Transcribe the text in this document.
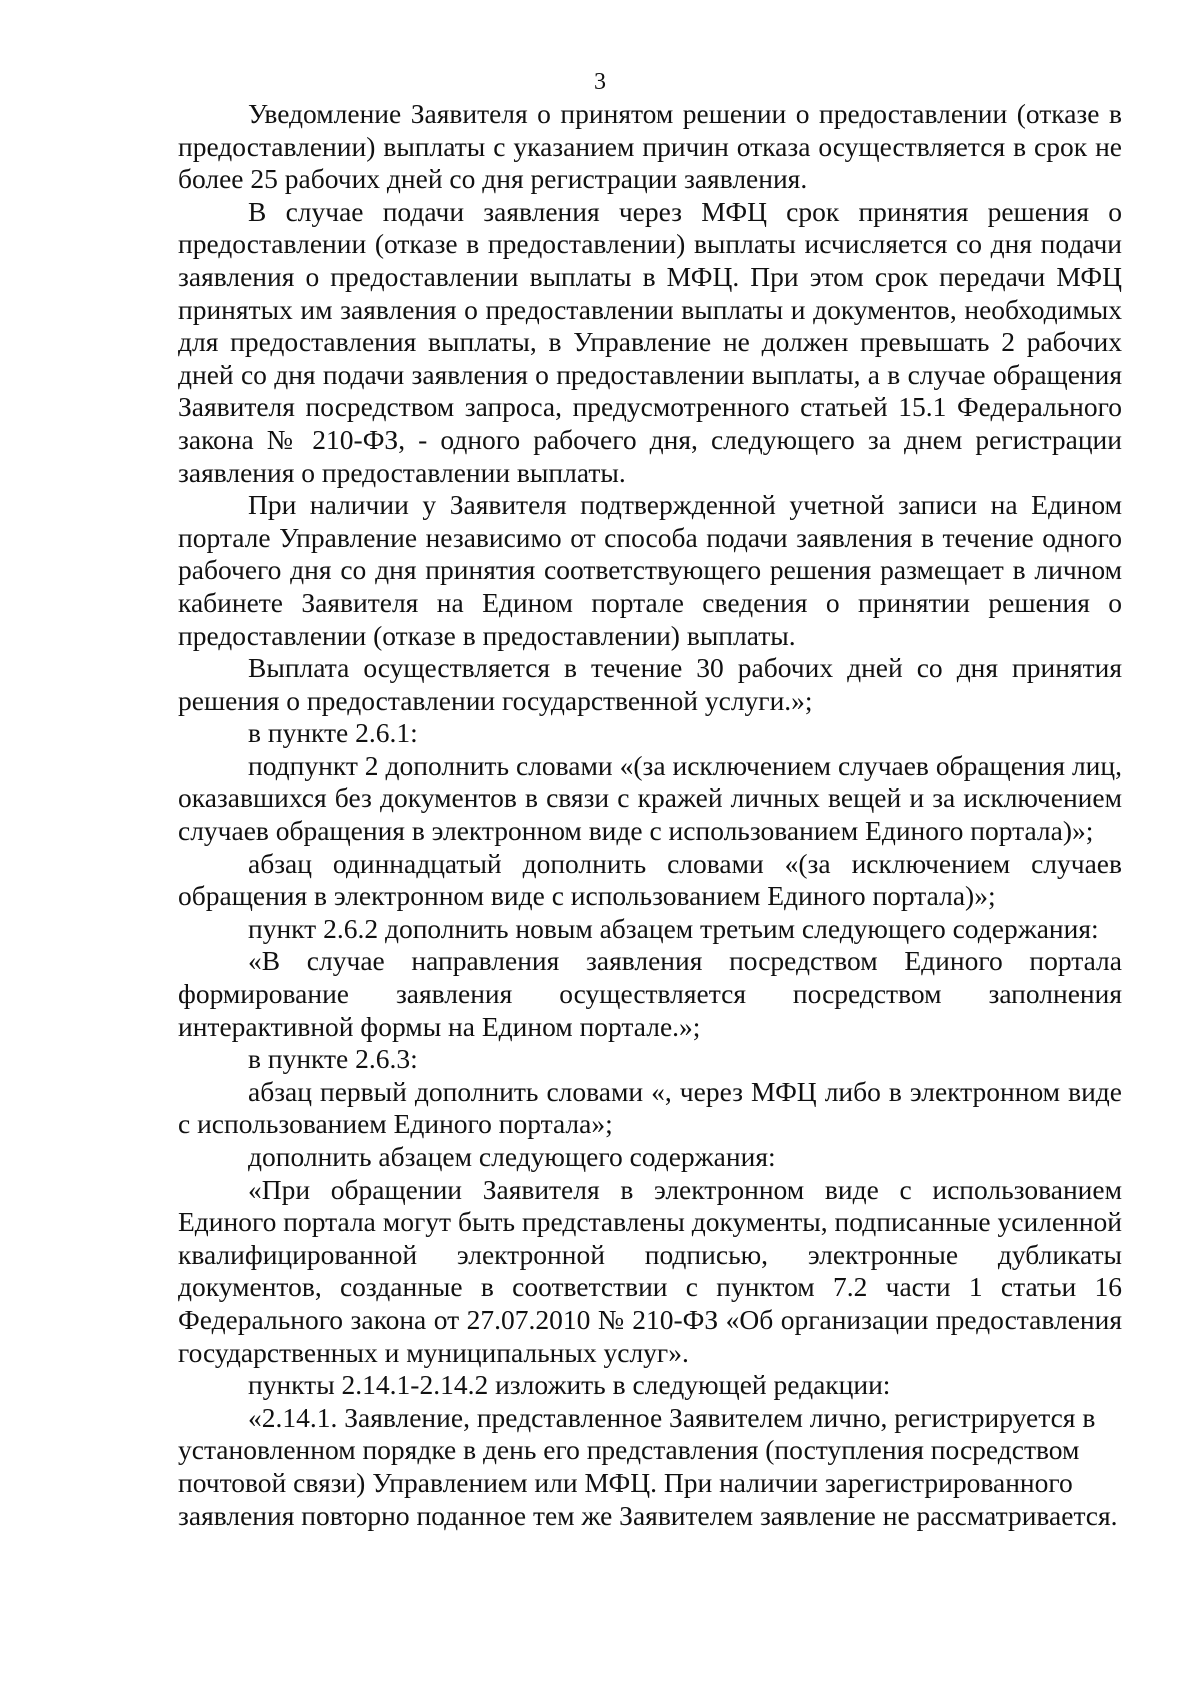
3

Уведомление Заявителя о принятом решении о предоставлении (отказе в предоставлении) выплаты с указанием причин отказа осуществляется в срок не более 25 рабочих дней со дня регистрации заявления.

В случае подачи заявления через МФЦ срок принятия решения о предоставлении (отказе в предоставлении) выплаты исчисляется со дня подачи заявления о предоставлении выплаты в МФЦ. При этом срок передачи МФЦ принятых им заявления о предоставлении выплаты и документов, необходимых для предоставления выплаты, в Управление не должен превышать 2 рабочих дней со дня подачи заявления о предоставлении выплаты, а в случае обращения Заявителя посредством запроса, предусмотренного статьей 15.1 Федерального закона № 210-ФЗ, - одного рабочего дня, следующего за днем регистрации заявления о предоставлении выплаты.

При наличии у Заявителя подтвержденной учетной записи на Едином портале Управление независимо от способа подачи заявления в течение одного рабочего дня со дня принятия соответствующего решения размещает в личном кабинете Заявителя на Едином портале сведения о принятии решения о предоставлении (отказе в предоставлении) выплаты.

Выплата осуществляется в течение 30 рабочих дней со дня принятия решения о предоставлении государственной услуги.»;

в пункте 2.6.1:

подпункт 2 дополнить словами «(за исключением случаев обращения лиц, оказавшихся без документов в связи с кражей личных вещей и за исключением случаев обращения в электронном виде с использованием Единого портала)»;

абзац одиннадцатый дополнить словами «(за исключением случаев обращения в электронном виде с использованием Единого портала)»;

пункт 2.6.2 дополнить новым абзацем третьим следующего содержания:

«В случае направления заявления посредством Единого портала формирование заявления осуществляется посредством заполнения интерактивной формы на Едином портале.»;

в пункте 2.6.3:

абзац первый дополнить словами «, через МФЦ либо в электронном виде с использованием Единого портала»;

дополнить абзацем следующего содержания:

«При обращении Заявителя в электронном виде с использованием Единого портала могут быть представлены документы, подписанные усиленной квалифицированной электронной подписью, электронные дубликаты документов, созданные в соответствии с пунктом 7.2 части 1 статьи 16 Федерального закона от 27.07.2010 № 210-ФЗ «Об организации предоставления государственных и муниципальных услуг».

пункты 2.14.1-2.14.2 изложить в следующей редакции:

«2.14.1. Заявление, представленное Заявителем лично, регистрируется в установленном порядке в день его представления (поступления посредством почтовой связи) Управлением или МФЦ. При наличии зарегистрированного заявления повторно поданное тем же Заявителем заявление не рассматривается.
